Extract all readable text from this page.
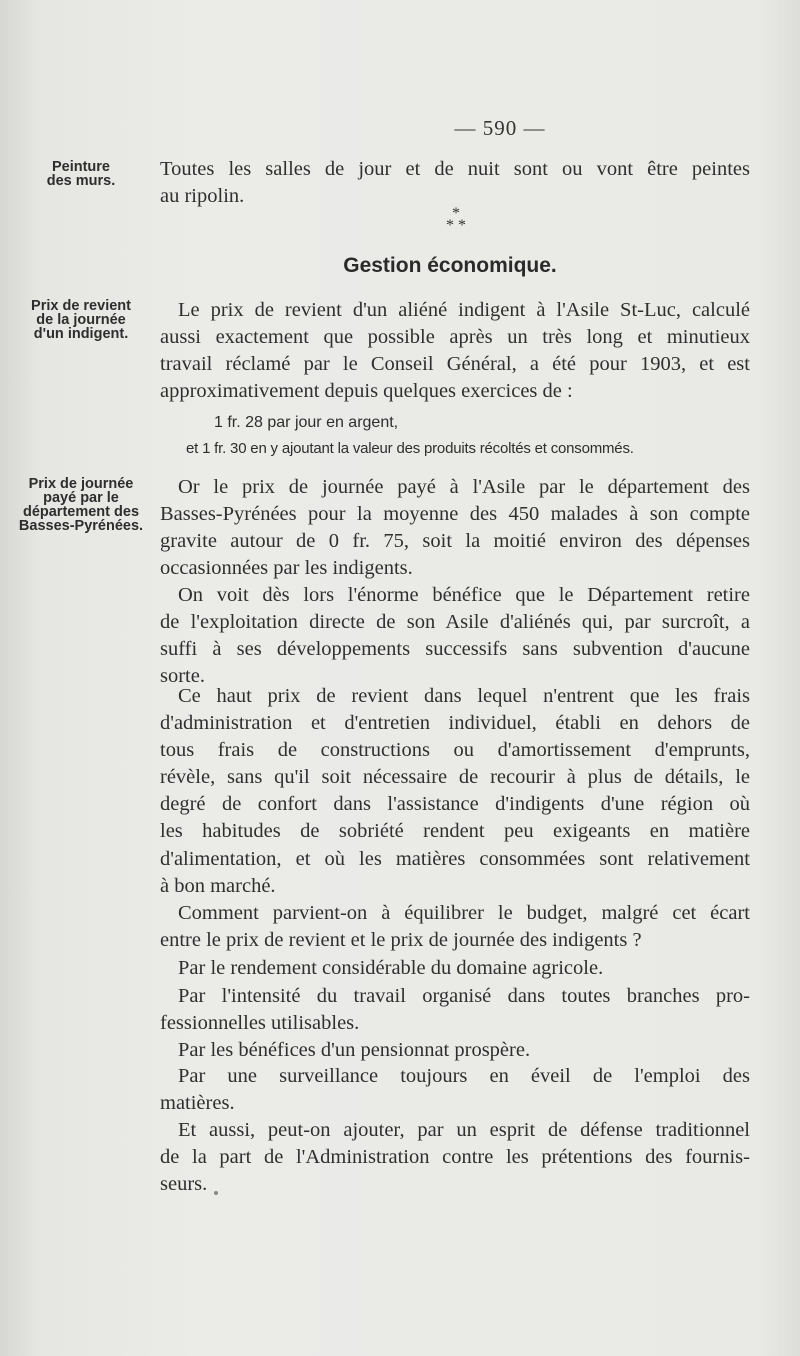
— 590 —
Peinture
des murs.
Prix de revient
de la journée
d'un indigent.
Prix de journée
payé par le
département des
Basses-Pyrénées.
Toutes les salles de jour et de nuit sont ou vont être peintes
au ripolin.
*
* *
Gestion économique.
Le prix de revient d'un aliéné indigent à l'Asile St-Luc, calculé
aussi exactement que possible après un très long et minutieux
travail réclamé par le Conseil Général, a été pour 1903, et est
approximativement depuis quelques exercices de :
1 fr. 28 par jour en argent,
et 1 fr. 30 en y ajoutant la valeur des produits récoltés et consommés.
Or le prix de journée payé à l'Asile par le département des
Basses-Pyrénées pour la moyenne des 450 malades à son compte
gravite autour de 0 fr. 75, soit la moitié environ des dépenses
occasionnées par les indigents.
On voit dès lors l'énorme bénéfice que le Département retire
de l'exploitation directe de son Asile d'aliénés qui, par surcroît, a
suffi à ses développements successifs sans subvention d'aucune
sorte.
Ce haut prix de revient dans lequel n'entrent que les frais
d'administration et d'entretien individuel, établi en dehors de
tous frais de constructions ou d'amortissement d'emprunts,
révèle, sans qu'il soit nécessaire de recourir à plus de détails, le
degré de confort dans l'assistance d'indigents d'une région où
les habitudes de sobriété rendent peu exigeants en matière
d'alimentation, et où les matières consommées sont relativement
à bon marché.
Comment parvient-on à équilibrer le budget, malgré cet écart
entre le prix de revient et le prix de journée des indigents ?
Par le rendement considérable du domaine agricole.
Par l'intensité du travail organisé dans toutes branches pro-
fessionnelles utilisables.
Par les bénéfices d'un pensionnat prospère.
Par une surveillance toujours en éveil de l'emploi des
matières.
Et aussi, peut-on ajouter, par un esprit de défense traditionnel
de la part de l'Administration contre les prétentions des fournis-
seurs.
